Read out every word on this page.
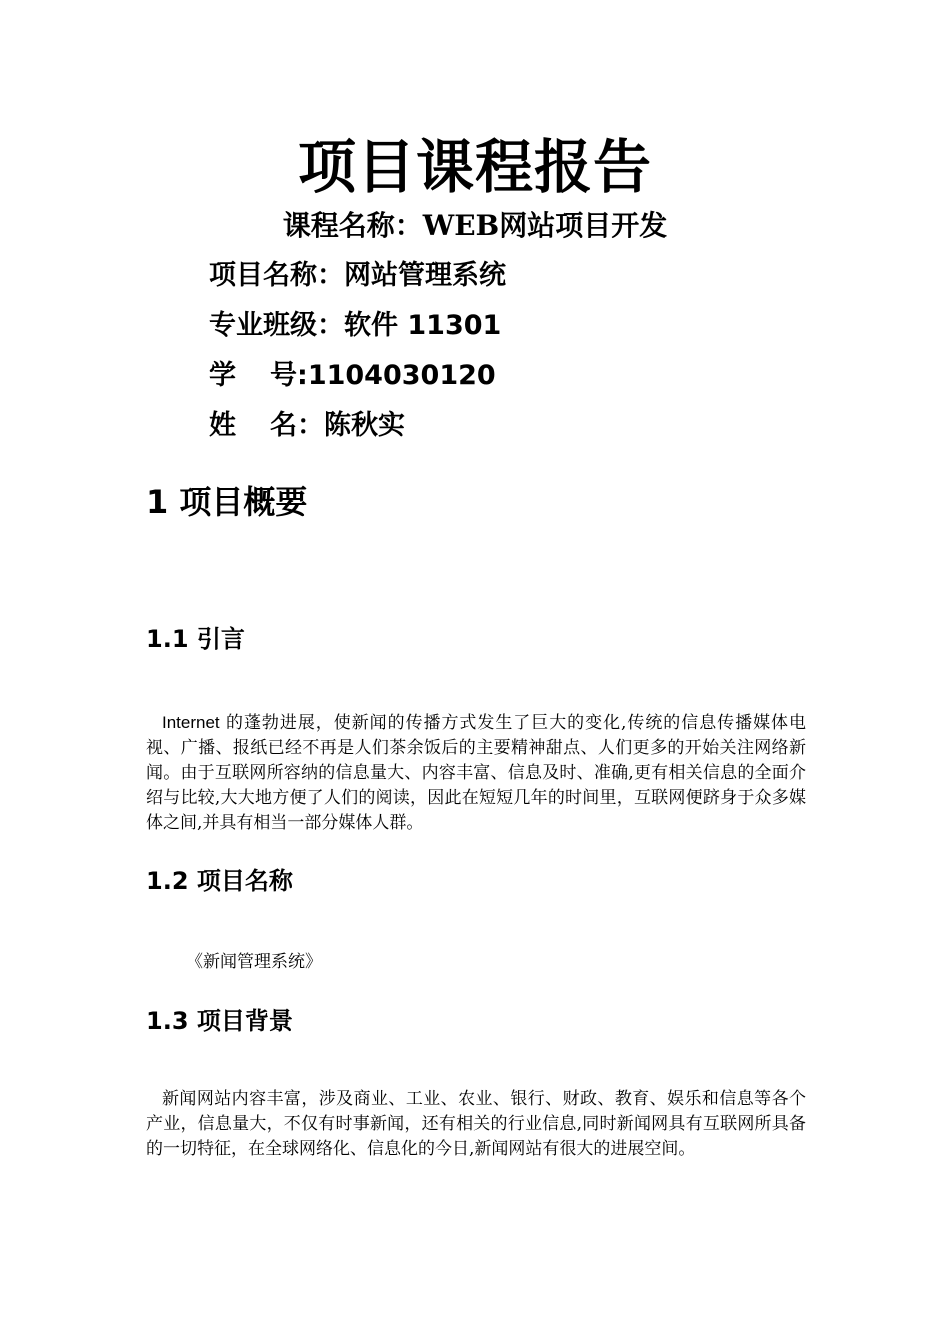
项目课程报告
课程名称：WEB网站项目开发
项目名称：网站管理系统
专业班级：软件 11301
学 号 :1104030120
姓 名 ：陈秋实
1 项目概要
1.1 引言
Internet 的蓬勃进展，使新闻的传播方式发生了巨大的变化,传统的信息传播媒体电视、广播、报纸已经不再是人们茶余饭后的主要精神甜点、人们更多的开始关注网络新闻。由于互联网所容纳的信息量大、内容丰富、信息及时、准确,更有相关信息的全面介绍与比较,大大地方便了人们的阅读，因此在短短几年的时间里，互联网便跻身于众多媒体之间,并具有相当一部分媒体人群。
1.2 项目名称
《新闻管理系统》
1.3 项目背景
新闻网站内容丰富，涉及商业、工业、农业、银行、财政、教育、娱乐和信息等各个产业，信息量大，不仅有时事新闻，还有相关的行业信息,同时新闻网具有互联网所具备的一切特征，在全球网络化、信息化的今日,新闻网站有很大的进展空间。
